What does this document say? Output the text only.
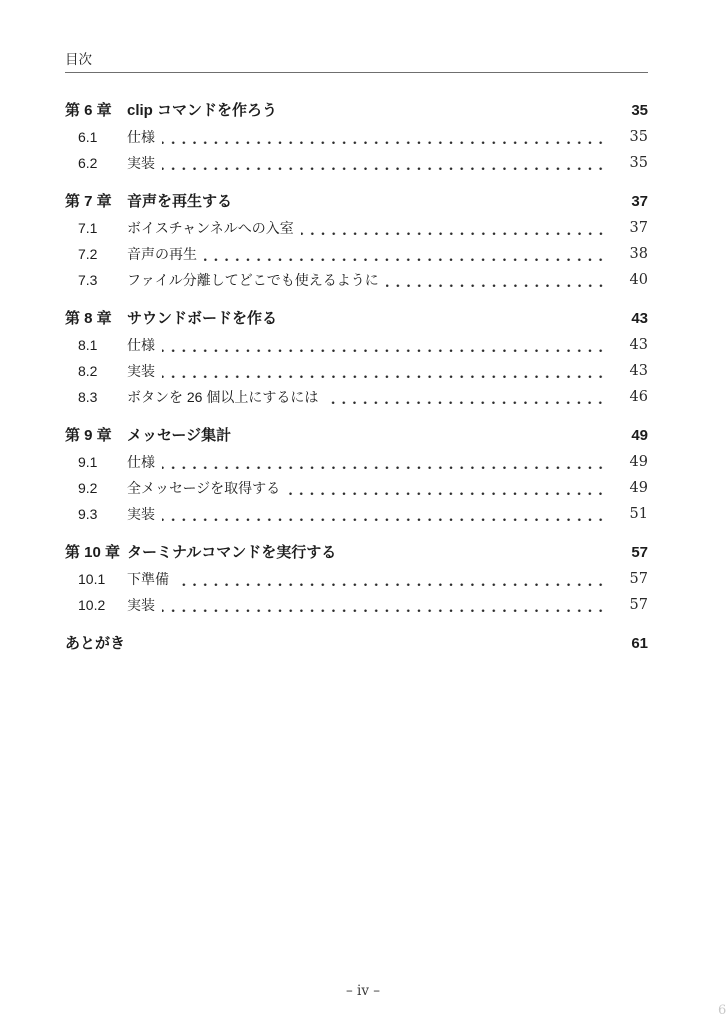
目次
第 6 章	clip コマンドを作ろう	35
6.1	仕様	35
6.2	実装	35
第 7 章	音声を再生する	37
7.1	ボイスチャンネルへの入室	37
7.2	音声の再生	38
7.3	ファイル分離してどこでも使えるように	40
第 8 章	サウンドボードを作る	43
8.1	仕様	43
8.2	実装	43
8.3	ボタンを 26 個以上にするには	46
第 9 章	メッセージ集計	49
9.1	仕様	49
9.2	全メッセージを取得する	49
9.3	実装	51
第 10 章 ターミナルコマンドを実行する	57
10.1	下準備	57
10.2	実装	57
あとがき	61
– iv –
6
